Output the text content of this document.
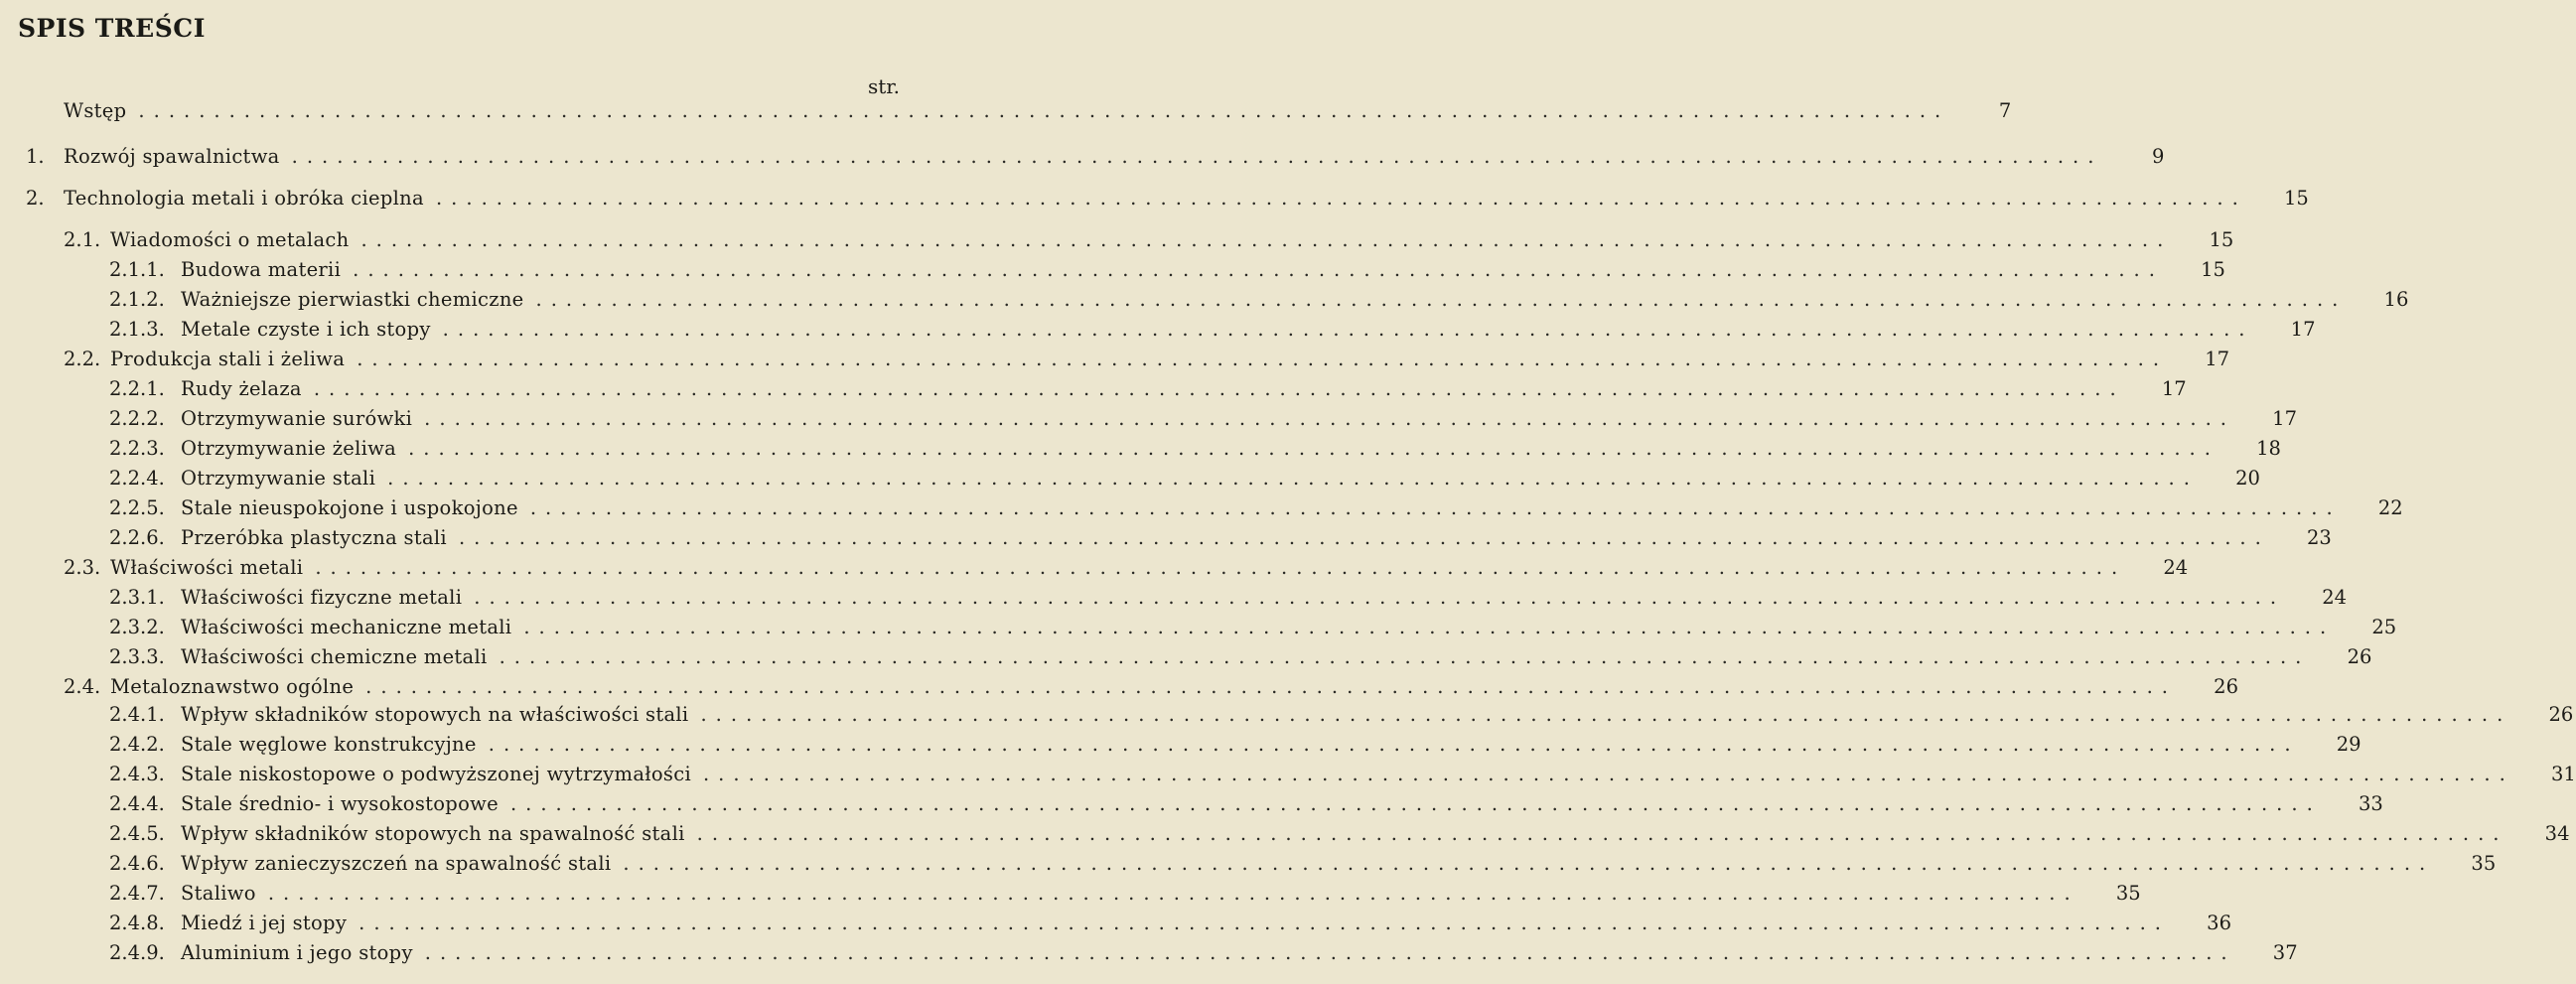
SPIS TREŚCI
str.
Wstęp ........................................................................................................................	7
1. Rozwój spawalnictwa ........................................................................................................................	9
2. Technologia metali i obróka cieplna ........................................................................................................................	15
2.1. Wiadomości o metalach ........................................................................................................................	15
2.1.1. Budowa materii ........................................................................................................................	15
2.1.2. Ważniejsze pierwiastki chemiczne ........................................................................................................................	16
2.1.3. Metale czyste i ich stopy ........................................................................................................................	17
2.2. Produkcja stali i żeliwa ........................................................................................................................	17
2.2.1. Rudy żelaza ........................................................................................................................	17
2.2.2. Otrzymywanie surówki ........................................................................................................................	17
2.2.3. Otrzymywanie żeliwa ........................................................................................................................	18
2.2.4. Otrzymywanie stali ........................................................................................................................	20
2.2.5. Stale nieuspokojone i uspokojone ........................................................................................................................	22
2.2.6. Przeróbka plastyczna stali ........................................................................................................................	23
2.3. Właściwości metali ........................................................................................................................	24
2.3.1. Właściwości fizyczne metali ........................................................................................................................	24
2.3.2. Właściwości mechaniczne metali ........................................................................................................................	25
2.3.3. Właściwości chemiczne metali ........................................................................................................................	26
2.4. Metaloznawstwo ogólne ........................................................................................................................	26
2.4.1. Wpływ składników stopowych na właściwości stali ........................................................................................................................	26
2.4.2. Stale węglowe konstrukcyjne ........................................................................................................................	29
2.4.3. Stale niskostopowe o podwyższonej wytrzymałości ........................................................................................................................	31
2.4.4. Stale średnio- i wysokostopowe ........................................................................................................................	33
2.4.5. Wpływ składników stopowych na spawalność stali ........................................................................................................................	34
2.4.6. Wpływ zanieczyszczeń na spawalność stali ........................................................................................................................	35
2.4.7. Staliwo ........................................................................................................................	35
2.4.8. Miedź i jej stopy ........................................................................................................................	36
2.4.9. Aluminium i jego stopy ........................................................................................................................	37
